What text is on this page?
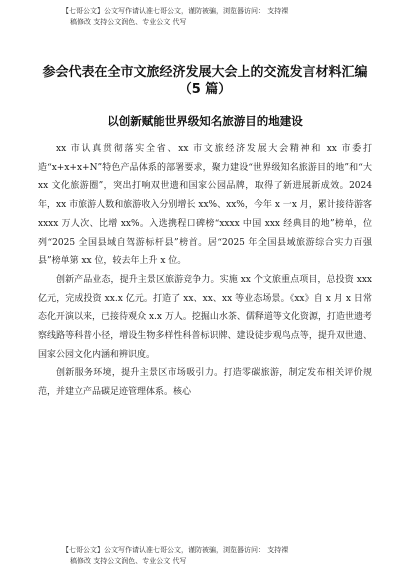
【七哥公文】公文写作请认准七哥公文，谨防被骗，浏览器访问： 支持裸
稿修改 支持公文润色、专业公文 代写
参会代表在全市文旅经济发展大会上的交流发言材料汇编
（5 篇）
以创新赋能世界级知名旅游目的地建设

xx 市认真贯彻落实全省、xx 市文旅经济发展大会精神和 xx 市委打造“x+x+x+N”特色产品体系的部署要求，聚力建设“世界级知名旅游目的地”和“大 xx 文化旅游圈”，突出打响双世遗和国家公园品牌，取得了新进展新成效。2024 年，xx 市旅游人数和旅游收入分别增长 xx%、xx%，今年 x 一x 月，累计接待游客 xxxx 万人次、比增 xx%。入选携程口碑榜“xxxx 中国 xxx 经典目的地”榜单，位列“2025 全国县域自驾游标杆县”榜首。居“2025 年全国县域旅游综合实力百强县”榜单第 xx 位，较去年上升 x 位。

创新产品业态，提升主景区旅游竞争力。实施 xx 个文旅重点项目，总投资 xxx 亿元，完成投资 xx.x 亿元。打造了 xx、xx、xx 等业态场景。《xx》自 x 月 x 日常态化开演以来，已接待观众 x.x 万人。挖掘山水茶、儒释道等文化资源，打造世遗考察线路等科普小径，增设生物多样性科普标识牌、建设徒步观鸟点等，提升双世遗、国家公园文化内涵和辨识度。

创新服务环境，提升主景区市场吸引力。打造零碳旅游，制定发布相关评价规范，并建立产品碳足迹管理体系。核心

【七哥公文】公文写作请认准七哥公文，谨防被骗，浏览器访问： 支持裸
稿修改 支持公文润色、专业公文 代写
